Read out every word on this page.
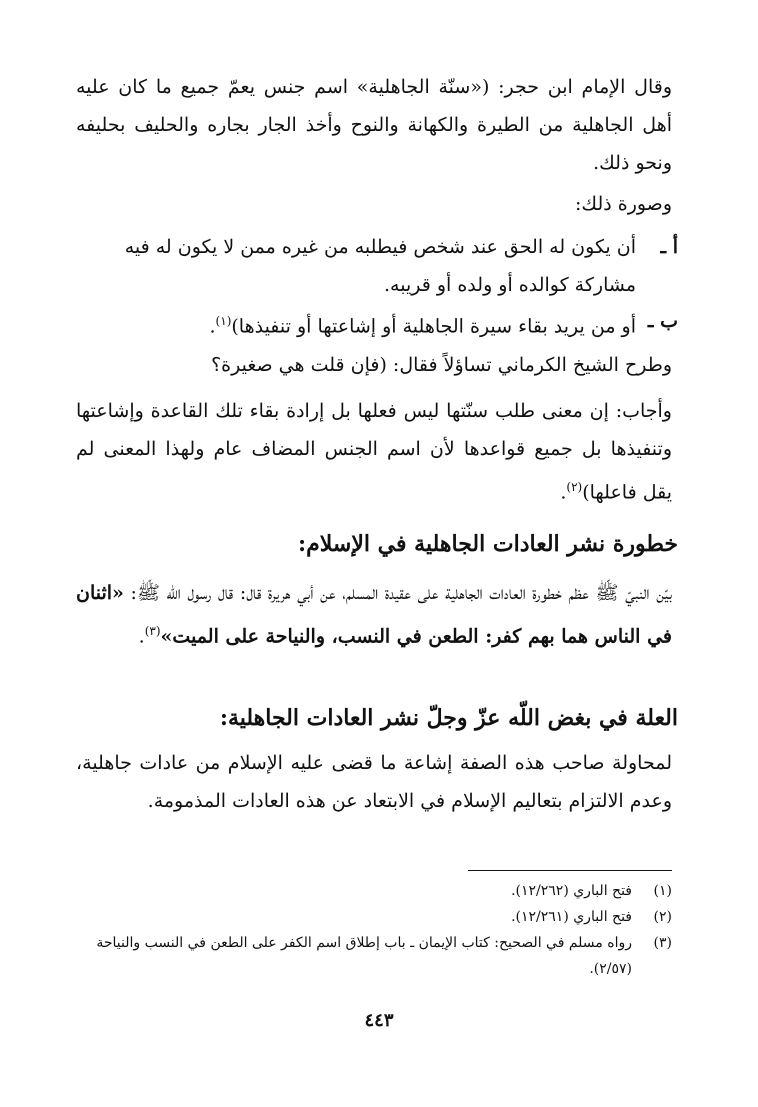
وقال الإمام ابن حجر: («سنّة الجاهلية» اسم جنس يعمّ جميع ما كان عليه أهل الجاهلية من الطيرة والكهانة والنوح وأخذ الجار بجاره والحليف بحليفه ونحو ذلك.

وصورة ذلك:

أ ـ
أن يكون له الحق عند شخص فيطلبه من غيره ممن لا يكون له فيه مشاركة كوالده أو ولده أو قريبه.
ب ـ
أو من يريد بقاء سيرة الجاهلية أو إشاعتها أو تنفيذها)$^{(١)}$.

وطرح الشيخ الكرماني تساؤلاً فقال: (فإن قلت هي صغيرة؟

وأجاب: إن معنى طلب سنّتها ليس فعلها بل إرادة بقاء تلك القاعدة وإشاعتها وتنفيذها بل جميع قواعدها لأن اسم الجنس المضاف عام ولهذا المعنى لم يقل فاعلها)$^{(٢)}$.

خطورة نشر العادات الجاهلية في الإسلام:

بيّن النبيّ ﷺ عظم خطورة العادات الجاهلية على عقيدة المسلم، عن أبي هريرة قال: قال رسول الله ﷺ: «اثنان في الناس هما بهم كفر: الطعن في النسب، والنياحة على الميت»$^{(٣)}$.

العلة في بغض اللّه عزّ وجلّ نشر العادات الجاهلية:

لمحاولة صاحب هذه الصفة إشاعة ما قضى عليه الإسلام من عادات جاهلية، وعدم الالتزام بتعاليم الإسلام في الابتعاد عن هذه العادات المذمومة.

(١)
فتح الباري (١٢/٢٦٢).
(٢)
فتح الباري (١٢/٢٦١).
(٣)
رواه مسلم في الصحيح: كتاب الإيمان ـ باب إطلاق اسم الكفر على الطعن في النسب والنياحة (٢/٥٧).
٤٤٣
